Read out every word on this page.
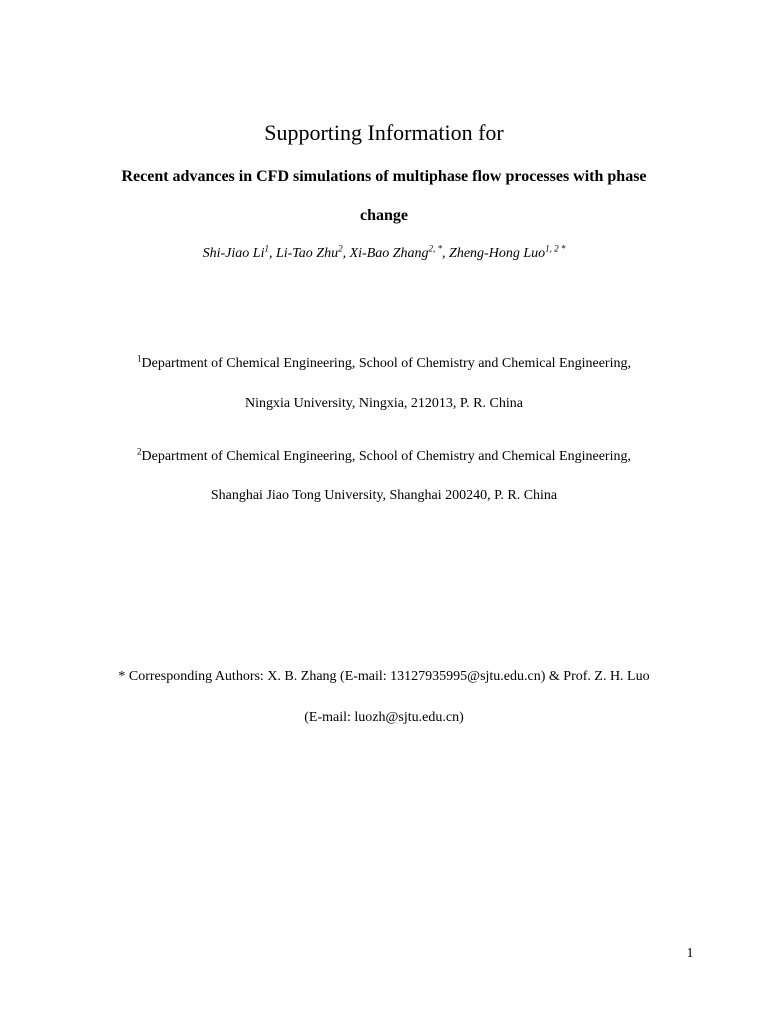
Supporting Information for
Recent advances in CFD simulations of multiphase flow processes with phase
change
Shi-Jiao Li$^1$, Li-Tao Zhu$^2$, Xi-Bao Zhang$^{2, *}$, Zheng-Hong Luo$^{1, 2 *}$
$^1$Department of Chemical Engineering, School of Chemistry and Chemical Engineering,
Ningxia University, Ningxia, 212013, P. R. China
$^2$Department of Chemical Engineering, School of Chemistry and Chemical Engineering,
Shanghai Jiao Tong University, Shanghai 200240, P. R. China
* Corresponding Authors: X. B. Zhang (E-mail: 13127935995@sjtu.edu.cn) & Prof. Z. H. Luo
(E-mail: luozh@sjtu.edu.cn)
1
